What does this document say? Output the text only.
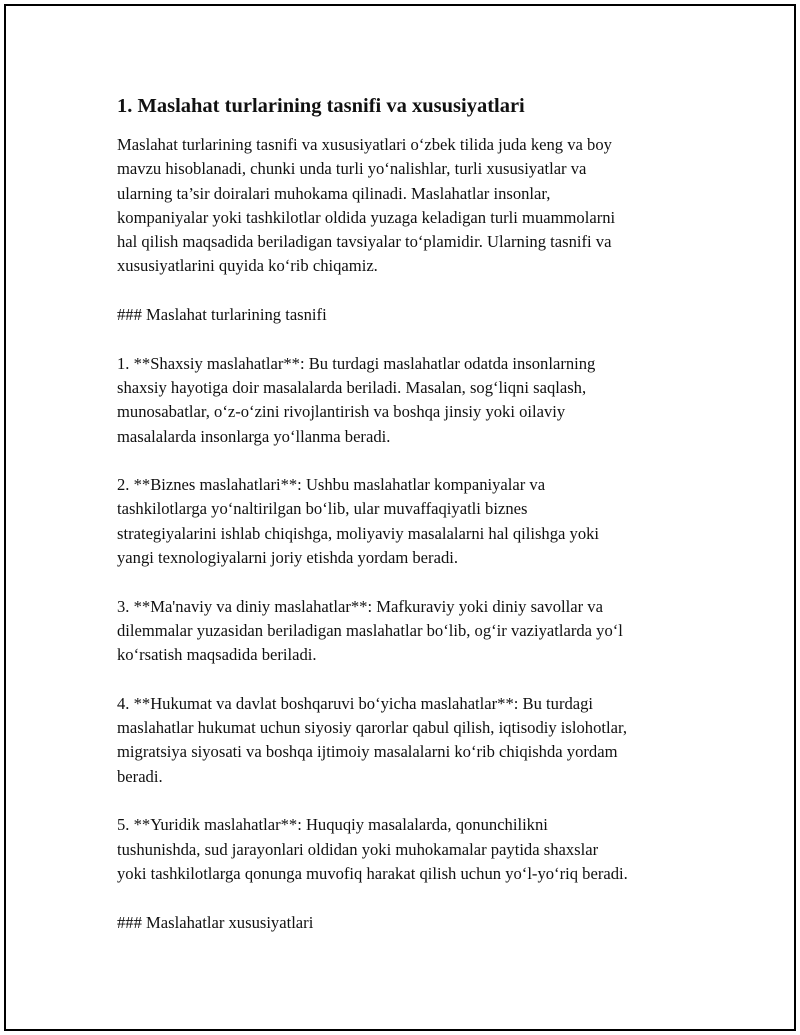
1. Maslahat turlarining tasnifi va xususiyatlari

Maslahat turlarining tasnifi va xususiyatlari o‘zbek tilida juda keng va boy
mavzu hisoblanadi, chunki unda turli yo‘nalishlar, turli xususiyatlar va
ularning ta’sir doiralari muhokama qilinadi. Maslahatlar insonlar,
kompaniyalar yoki tashkilotlar oldida yuzaga keladigan turli muammolarni
hal qilish maqsadida beriladigan tavsiyalar to‘plamidir. Ularning tasnifi va
xususiyatlarini quyida ko‘rib chiqamiz.

### Maslahat turlarining tasnifi

1. **Shaxsiy maslahatlar**: Bu turdagi maslahatlar odatda insonlarning
shaxsiy hayotiga doir masalalarda beriladi. Masalan, sog‘liqni saqlash,
munosabatlar, o‘z-o‘zini rivojlantirish va boshqa jinsiy yoki oilaviy
masalalarda insonlarga yo‘llanma beradi.

2. **Biznes maslahatlari**: Ushbu maslahatlar kompaniyalar va
tashkilotlarga yo‘naltirilgan bo‘lib, ular muvaffaqiyatli biznes
strategiyalarini ishlab chiqishga, moliyaviy masalalarni hal qilishga yoki
yangi texnologiyalarni joriy etishda yordam beradi.

3. **Ma'naviy va diniy maslahatlar**: Mafkuraviy yoki diniy savollar va
dilemmalar yuzasidan beriladigan maslahatlar bo‘lib, og‘ir vaziyatlarda yo‘l
ko‘rsatish maqsadida beriladi.

4. **Hukumat va davlat boshqaruvi bo‘yicha maslahatlar**: Bu turdagi
maslahatlar hukumat uchun siyosiy qarorlar qabul qilish, iqtisodiy islohotlar,
migratsiya siyosati va boshqa ijtimoiy masalalarni ko‘rib chiqishda yordam
beradi.

5. **Yuridik maslahatlar**: Huquqiy masalalarda, qonunchilikni
tushunishda, sud jarayonlari oldidan yoki muhokamalar paytida shaxslar
yoki tashkilotlarga qonunga muvofiq harakat qilish uchun yo‘l-yo‘riq beradi.

### Maslahatlar xususiyatlari
